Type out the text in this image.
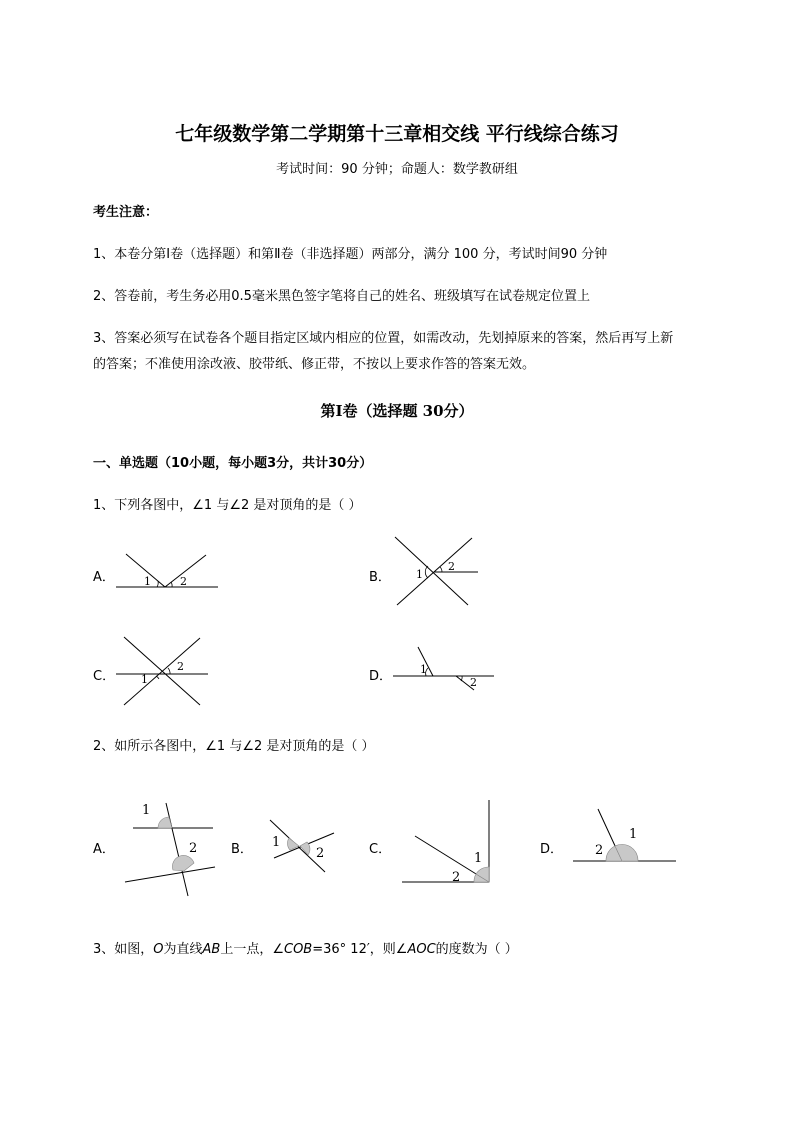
七年级数学第二学期第十三章相交线 平行线综合练习
考试时间：90 分钟；命题人：数学教研组
考生注意：
1、本卷分第Ⅰ卷（选择题）和第Ⅱ卷（非选择题）两部分，满分 100 分，考试时间90 分钟
2、答卷前，考生务必用0.5毫米黑色签字笔将自己的姓名、班级填写在试卷规定位置上
3、答案必须写在试卷各个题目指定区域内相应的位置，如需改动，先划掉原来的答案，然后再写上新
的答案；不准使用涂改液、胶带纸、修正带，不按以上要求作答的答案无效。
第Ⅰ卷（选择题 30分）
一、单选题（10小题，每小题3分，共计30分）
1、下列各图中，∠1 与∠2 是对顶角的是（ ）
A．	1	2	B． 1
2
C． 1
2
D．	1
2
2、如所示各图中，∠1 与∠2 是对顶角的是（ ）
A．
1
2	B． 1
2	C．
1
2
D．
1
2
3、如图，O为直线AB上一点，∠COB=36° 12′，则∠AOC的度数为（ ）
